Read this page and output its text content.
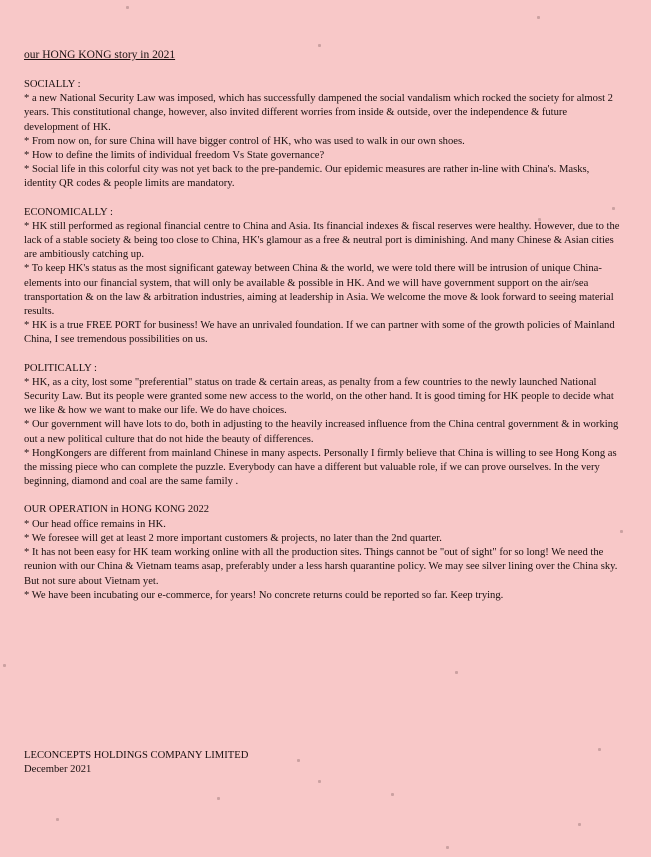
our HONG KONG story in 2021

SOCIALLY :

* a new National Security Law was imposed, which has successfully dampened the social vandalism which rocked the society for almost 2 years. This constitutional change, however, also invited different worries from inside & outside, over the independence & future development of HK.

* From now on, for sure China will have bigger control of HK, who was used to walk in our own shoes.

* How to define the limits of individual freedom Vs State governance?

* Social life in this colorful city was not yet back to the pre-pandemic. Our epidemic measures are rather in-line with China's. Masks, identity QR codes & people limits are mandatory.

ECONOMICALLY :

* HK still performed as regional financial centre to China and Asia. Its financial indexes & fiscal reserves were healthy. However, due to the lack of a stable society & being too close to China, HK's glamour as a free & neutral port is diminishing. And many Chinese & Asian cities are ambitiously catching up.

* To keep HK's status as the most significant gateway between China & the world, we were told there will be intrusion of unique China-elements into our financial system, that will only be available & possible in HK. And we will have government support on the air/sea transportation & on the law & arbitration industries, aiming at leadership in Asia. We welcome the move & look forward to seeing material results.

* HK is a true FREE PORT for business! We have an unrivaled foundation. If we can partner with some of the growth policies of Mainland China, I see tremendous possibilities on us.

POLITICALLY :

* HK, as a city, lost some "preferential" status on trade & certain areas, as penalty from a few countries to the newly launched National Security Law. But its people were granted some new access to the world, on the other hand. It is good timing for HK people to decide what we like & how we want to make our life. We do have choices.

* Our government will have lots to do, both in adjusting to the heavily increased influence from the China central government & in working out a new political culture that do not hide the beauty of differences.

* HongKongers are different from mainland Chinese in many aspects. Personally I firmly believe that China is willing to see Hong Kong as the missing piece who can complete the puzzle. Everybody can have a different but valuable role, if we can prove ourselves. In the very beginning, diamond and coal are the same family .

OUR OPERATION in HONG KONG 2022

* Our head office remains in HK.

* We foresee will get at least 2 more important customers & projects, no later than the 2nd quarter.

* It has not been easy for HK team working online with all the production sites. Things cannot be "out of sight" for so long! We need the reunion with our China & Vietnam teams asap, preferably under a less harsh quarantine policy. We may see silver lining over the China sky. But not sure about Vietnam yet.

* We have been incubating our e-commerce, for years! No concrete returns could be reported so far. Keep trying.

LECONCEPTS HOLDINGS COMPANY LIMITED
December 2021
